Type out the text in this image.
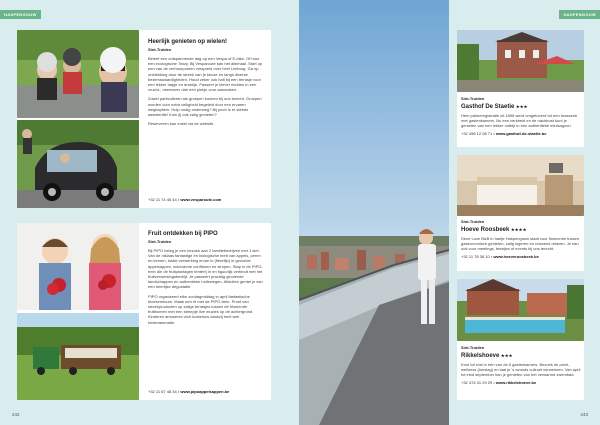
HASPENGOUW
Heerlijk genieten op wielen!
Sint-Truiden

Beleef een ontspannende dag op een Vespa of E-bike. Of huur een ecologische Twizy. Bij Vesparoute kan het allemaal. Start op een van de verhuurpunten verspreid over heel Limburg. Ga op ontdekking door de streek van je keuze en langs diverse bezienswaardigheden. Houd zeker ook halt bij een terrasje voor een lekker hapje en drankje. Passeer je klever midden in een vrucht-, neemever dan een plekje voor aanmaken.

Zowel particulieren als groepen kunnen bij ons terecht. Groepen worden voor extra veiligheid begeleid door een ervaren wegkapitein. Hulp nodig onderweg? Bij pech is er steeds assistentie! Kom jij ook zalig genieten?

Reserveren kan enkel via de website.

+32 11 74 46 44 • www.vesparoute.com
Fruit ontdekken bij PIPO
Sint-Truiden

Bij PIPO beleg je een bezoek aan 2 familiebedrijven met 1 stel. Van de niklaas fantastige en biologische teelt van appels, peren en kersen, totale verwerking ervan in (fierefijn) ie gezonde appelsappen, sukerarme confituren en siropen. Stap in de PIPO-trein die de fruitplantagen tentert) in en figuurlijk verbindt met het fruitverwerkingsbedrijf. Je passeert prachtig glooiende landschappen en authentieke hollewegen. Afsluiten geniet je van een heerlijke degustatie.

PIPO organiseert elke zondagmiddag in april fantastische bloesemtours. Maak een rit met de PIPO-trein. Proef van streekproducten op zalige terrasjes tussen de bloeiende fruitbomen met een streepje live muziek op de achtergrond. Kinderen amuseren zich kosteloos dankzij heel wat kinderanimatie.

+32 11 67 48 34 • www.pipoappelsappen.be
242
HASPENGOUW
Sint-Truiden
Gasthof De Staetie ★★★

Hem palmeregistratie uit 1898 werd omgetoverd tot een brasserie met gastenkamers. Nu een verkeeld en de nachtrust kunt je genieten van een lekker ontbijt in een authentieke minisagoon.

+32 496 12 08 71 • www.gasthof-de-staetie.be
Sint-Truiden
Hoeve Roosbeek ★★★★

Deze Luxe B&B in hartje Haspengouw staat voor fluimonrie tussen gastronomisch genieten, zalig logeren en relaxend relaxen. Je kan ook voor meetings, feestjes of events bij ons terecht.

+32 11 78 36 10 • www.hoeveroosbeek.be
Sint-Truiden
Rikkelshoeve ★★★

Kom tot rust in één van de 6 gastenkamers. Bezoek de privé-wellness (toeslag) en laat je 's avonds culinair verwennen. Van april tot eind september kan je genieten van het verwarmd zwembad.

+32 474 31 29 29 • www.rikkelshoeve.be
243
